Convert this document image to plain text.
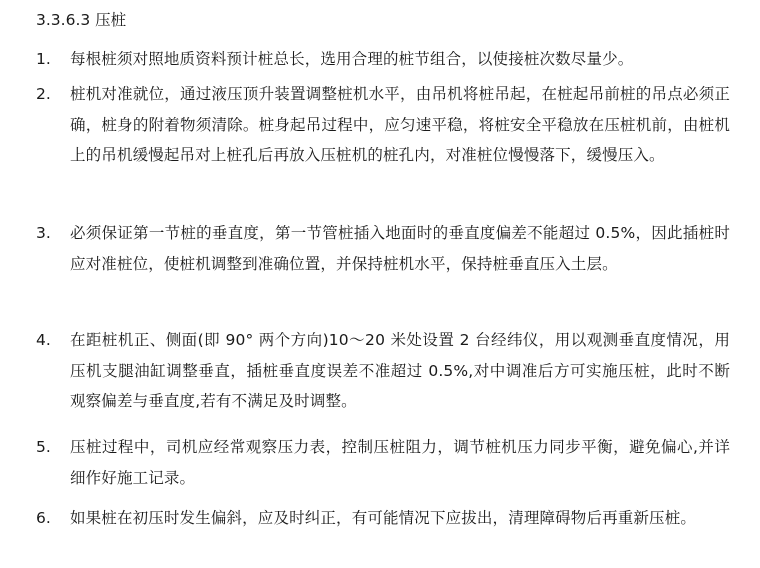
3.3.6.3 压桩
1. 每根桩须对照地质资料预计桩总长，选用合理的桩节组合，以使接桩次数尽量少。
2. 桩机对准就位，通过液压顶升装置调整桩机水平，由吊机将桩吊起，在桩起吊前桩的吊点必须正确，桩身的附着物须清除。桩身起吊过程中，应匀速平稳，将桩安全平稳放在压桩机前，由桩机上的吊机缓慢起吊对上桩孔后再放入压桩机的桩孔内，对准桩位慢慢落下，缓慢压入。
3. 必须保证第一节桩的垂直度，第一节管桩插入地面时的垂直度偏差不能超过 0.5%，因此插桩时应对准桩位，使桩机调整到准确位置，并保持桩机水平，保持桩垂直压入土层。
4. 在距桩机正、侧面(即 90° 两个方向)10～20 米处设置 2 台经纬仪，用以观测垂直度情况，用压机支腿油缸调整垂直，插桩垂直度误差不准超过 0.5%,对中调准后方可实施压桩，此时不断观察偏差与垂直度,若有不满足及时调整。
5. 压桩过程中，司机应经常观察压力表，控制压桩阻力，调节桩机压力同步平衡，避免偏心,并详细作好施工记录。
6. 如果桩在初压时发生偏斜，应及时纠正，有可能情况下应拔出，清理障碍物后再重新压桩。
